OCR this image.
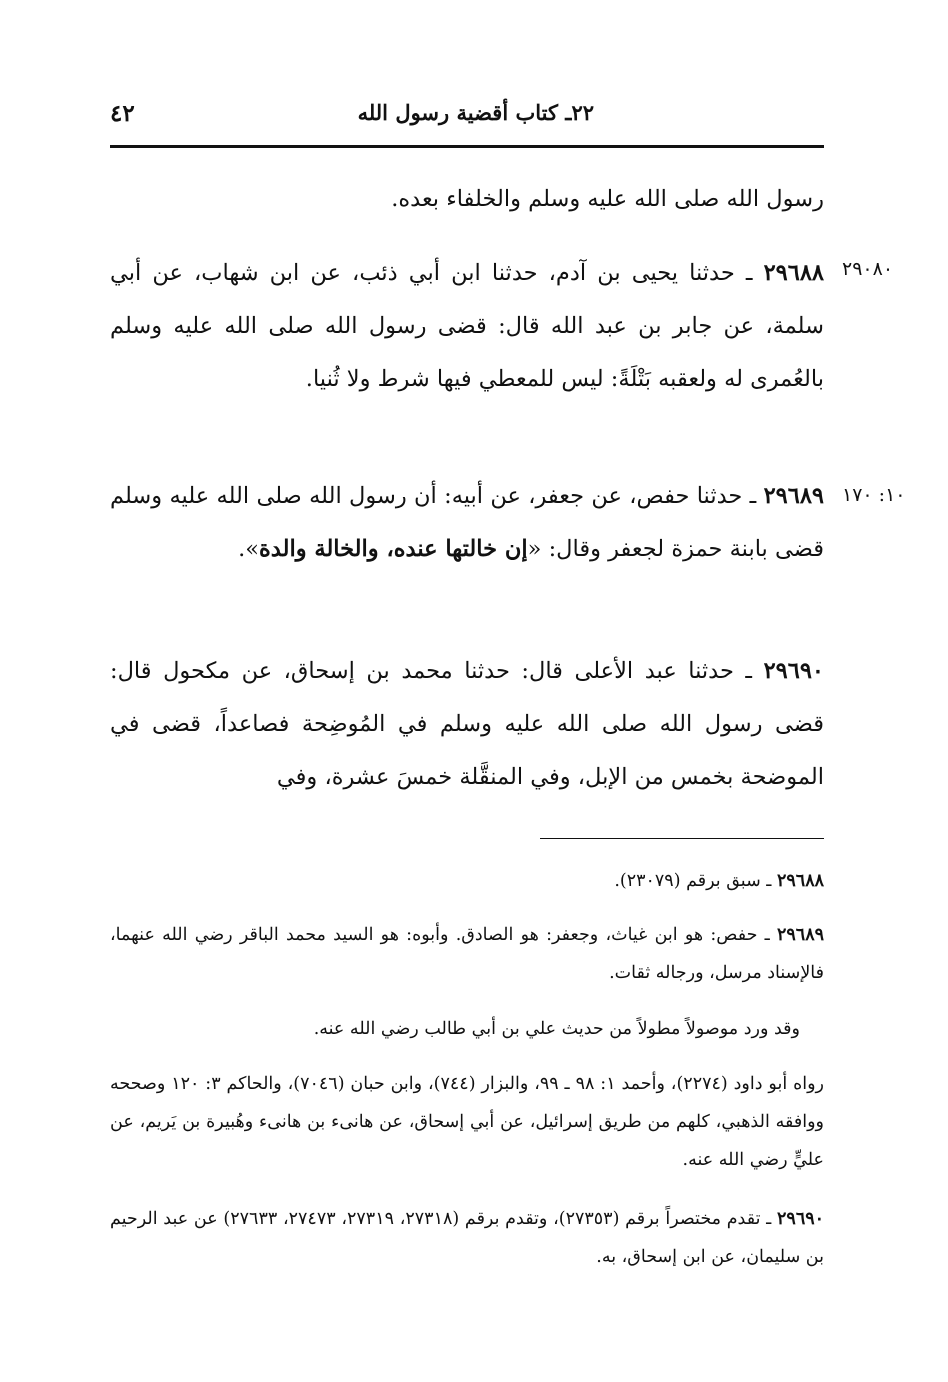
٤٢	٢٢ـ كتاب أقضية رسول الله
رسول الله صلى الله عليه وسلم والخلفاء بعده.
٢٩٠٨٠
٢٩٦٨٨ ـ حدثنا يحيى بن آدم، حدثنا ابن أبي ذئب، عن ابن شهاب، عن أبي سلمة، عن جابر بن عبد الله قال: قضى رسول الله صلى الله عليه وسلم بالعُمرى له ولعقبه بَتْلَةً: ليس للمعطي فيها شرط ولا ثُنيا.
١٠: ١٧٠
٢٩٦٨٩ ـ حدثنا حفص، عن جعفر، عن أبيه: أن رسول الله صلى الله عليه وسلم قضى بابنة حمزة لجعفر وقال: «إن خالتها عنده، والخالة والدة».
٢٩٦٩٠ ـ حدثنا عبد الأعلى قال: حدثنا محمد بن إسحاق، عن مكحول قال: قضى رسول الله صلى الله عليه وسلم في المُوضِحة فصاعداً، قضى في الموضحة بخمس من الإبل، وفي المنقَّلة خمسَ عشرة، وفي
٢٩٦٨٨ ـ سبق برقم (٢٣٠٧٩).
٢٩٦٨٩ ـ حفص: هو ابن غياث، وجعفر: هو الصادق. وأبوه: هو السيد محمد الباقر رضي الله عنهما، فالإسناد مرسل، ورجاله ثقات.
وقد ورد موصولاً مطولاً من حديث علي بن أبي طالب رضي الله عنه.
رواه أبو داود (٢٢٧٤)، وأحمد ١: ٩٨ ـ ٩٩، والبزار (٧٤٤)، وابن حبان (٧٠٤٦)، والحاكم ٣: ١٢٠ وصححه ووافقه الذهبي، كلهم من طريق إسرائيل، عن أبي إسحاق، عن هانىء بن هانىء وهُبيرة بن يَريم، عن عليٍّ رضي الله عنه.
٢٩٦٩٠ ـ تقدم مختصراً برقم (٢٧٣٥٣)، وتقدم برقم (٢٧٣١٨، ٢٧٣١٩، ٢٧٤٧٣، ٢٧٦٣٣) عن عبد الرحيم بن سليمان، عن ابن إسحاق، به.
